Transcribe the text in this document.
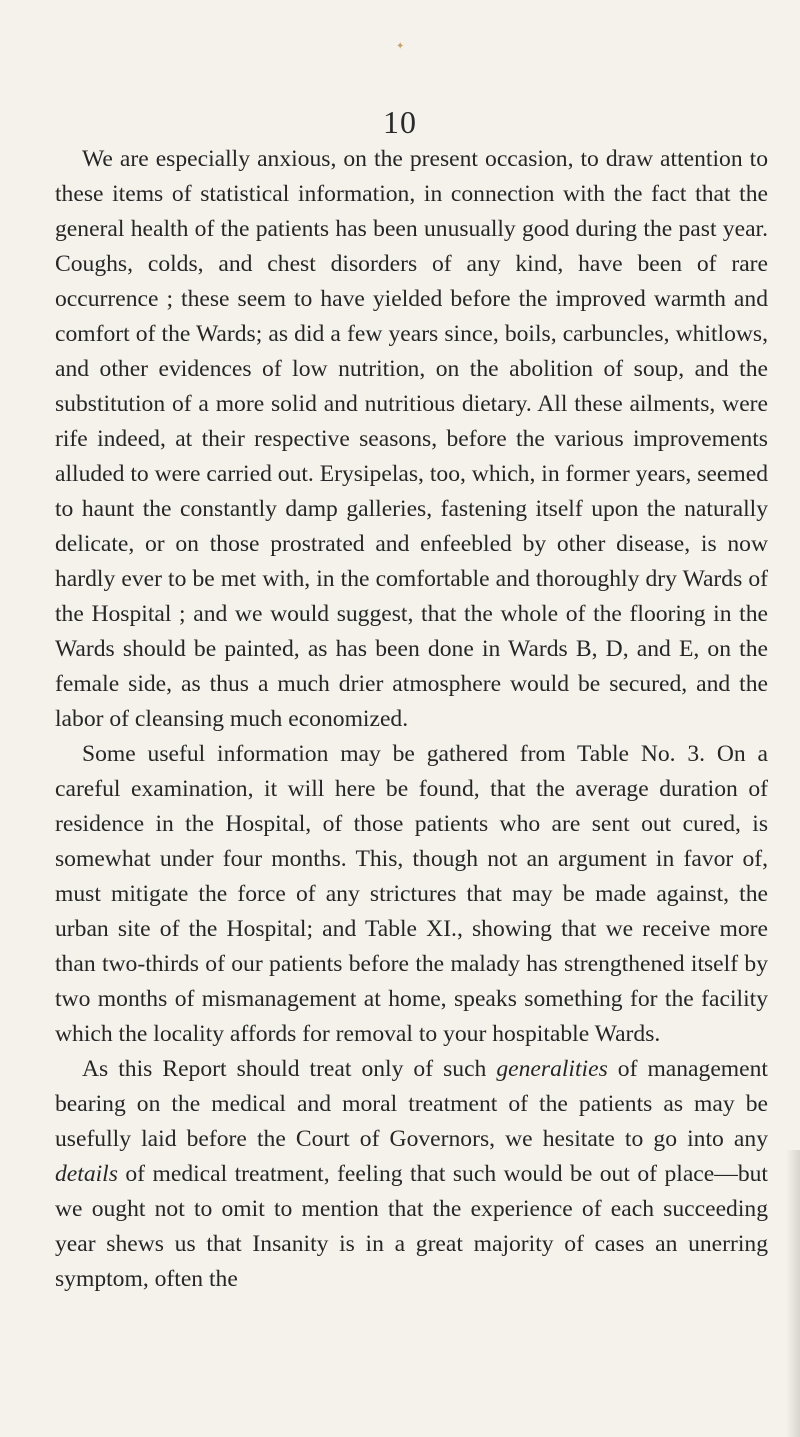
✦
10

We are especially anxious, on the present occasion, to draw attention to these items of statistical information, in connection with the fact that the general health of the patients has been unusually good during the past year. Coughs, colds, and chest disorders of any kind, have been of rare occurrence ; these seem to have yielded before the improved warmth and comfort of the Wards; as did a few years since, boils, carbuncles, whitlows, and other evidences of low nutrition, on the abolition of soup, and the substitution of a more solid and nutritious dietary. All these ailments, were rife indeed, at their respective seasons, before the various improvements alluded to were carried out. Erysipelas, too, which, in former years, seemed to haunt the constantly damp galleries, fastening itself upon the naturally delicate, or on those prostrated and enfeebled by other disease, is now hardly ever to be met with, in the comfortable and thoroughly dry Wards of the Hospital ; and we would suggest, that the whole of the flooring in the Wards should be painted, as has been done in Wards B, D, and E, on the female side, as thus a much drier atmosphere would be secured, and the labor of cleansing much economized.

Some useful information may be gathered from Table No. 3. On a careful examination, it will here be found, that the average duration of residence in the Hospital, of those patients who are sent out cured, is somewhat under four months. This, though not an argument in favor of, must mitigate the force of any strictures that may be made against, the urban site of the Hospital; and Table XI., showing that we receive more than two-thirds of our patients before the malady has strengthened itself by two months of mismanagement at home, speaks something for the facility which the locality affords for removal to your hospitable Wards.

As this Report should treat only of such generalities of management bearing on the medical and moral treatment of the patients as may be usefully laid before the Court of Governors, we hesitate to go into any details of medical treatment, feeling that such would be out of place—but we ought not to omit to mention that the experience of each succeeding year shews us that Insanity is in a great majority of cases an unerring symptom, often the
